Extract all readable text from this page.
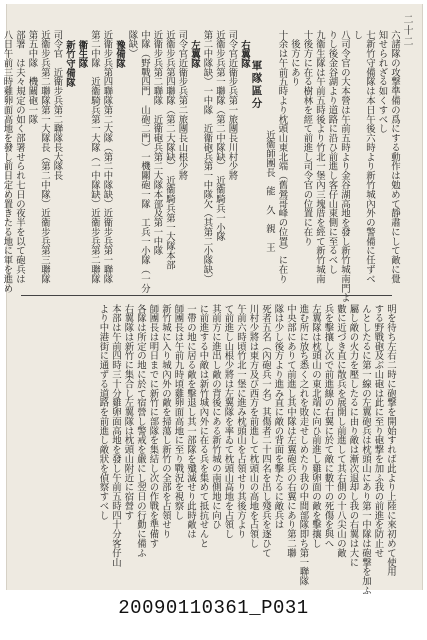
二十二
六諸隊の攻撃準備の爲にする動作は勉めて靜肅にして敵に覺
知せられざる如くすべし
七新竹守備隊は本日午後六時より新竹城內外の警備に任ずべ
し
八司令官の大本營は午前五時より金谷湖高地を發し新竹城南門よ
りし後金谷湖より道路に沿ひ前進し客仔山東側に至るべし
九衞生隊は午前五時後より竹北一堡內三塊厝を經て新竹城南
十後方に在る樹林を經て前進し司令官の位置に在り
　後方にあり
十余は午前五時より枕頭山東北端（舊鶯哥峰の位置）に在り
近衞師團長　能　久　親　王
軍隊區分
右翼隊
司令官近衞步兵第一旅團長川村少將
近衞步兵第一聯隊（第二中隊缺）　近衞騎兵一小隊
第二中隊缺）一中隊　近衞砲兵第一中隊欠（其第二小隊缺）
左翼隊
司令官近衞步兵第二旅團長山根少將
近衞步兵第四聯隊（第二大隊缺）　近衞騎兵第一大隊本部
近衞步兵第二聯隊　近衞砲兵第二大隊本部及第一中隊
中隊（野戰四門　山砲二門）一機關砲一隊　工兵一小隊（一分
隊缺）
豫備隊
近衞步兵第四聯隊第二大隊（第二中隊缺）近衞步兵第一聯隊
第二中隊　近衞騎兵第一大隊（一中隊缺）近衞步兵第二聯隊
衞生隊
新竹守備隊
司令官　近衞步兵第二聯隊長大隊長
近衞步兵第二聯隊第一大隊長（第二中隊）近衞步兵第三聯隊
第五中隊　機關砲一隊
部署　は夫々規定の如く部署せられ七日の夜半を以て砲兵は
八日午前三時雞卵面高地を發し前日定め置きたる地に軍を進め
明を待ち左右二時に砲撃を開始すれば此より上陸に來初めて使用
する野戰砲及ぶ山砲は此に至り砲撃を加ふ我の前進を防止せ
んとしたるに第一線の左翼砲兵は枕頭山にあり第一中隊は砲撃を加ふ
屬し敵の火力を壓したるに由り敵は漸次退却し我の右翼は大に
數に近づき直に散兵を展開し前進して其右側の十八尖山の敵
兵を擊攘し次で前進線の右翼に於て敵に數十の死傷を與へ
左翼隊は枕頭山の東北端に向ひ前進し雞卵面の敵を擊攘し
進む所に放ち悉く之れを敗走せしめたり我の中間部隊即ち第一聯隊
中央部にありて前進し其中隊は左翼砲兵の右翼にあり第二聯
隊は少し後方より進み直に敵の背面を擊たるに敵兵は
死者五名（內砲兵一名）其傷者二十四名を出し殘兵を逐ひて
川村少將は東方及び西方を前進して枕頭山の高地を占領し
午前六時頃竹北一堡に進み枕頭山を占領せり其後方より
て前進し山根少將は左翼隊を率ゐて枕頭山高地を占領し
其前方に進出し敵の背後にある新竹城の南側地に向ひ
に前進する中敵は新竹城內外に在る兵を集めて抵抗せんと
一帶の地に居る敵を擊退し其一部隊を殲滅せり此時敵は
師團長は午前九時頃雞卵面高地に至り戰況を視察し
新竹城に入り城內外の敵を掃蕩し新竹の全部を占領せり
師團長は明日までに新竹に部隊を集結し次の作戰を準備す
各隊は所定の地に於て宿營し警戒を嚴にし翌日の行動に備ふ
右翼隊は新竹に集合し左翼隊は枕頭山附近に宿營す
本部は午前四時三十分雞卵面高地を發し午前五時四十分客仔山
より中港街に通ずる道路を前進し敵狀を偵察すべし
20090110361_P031
